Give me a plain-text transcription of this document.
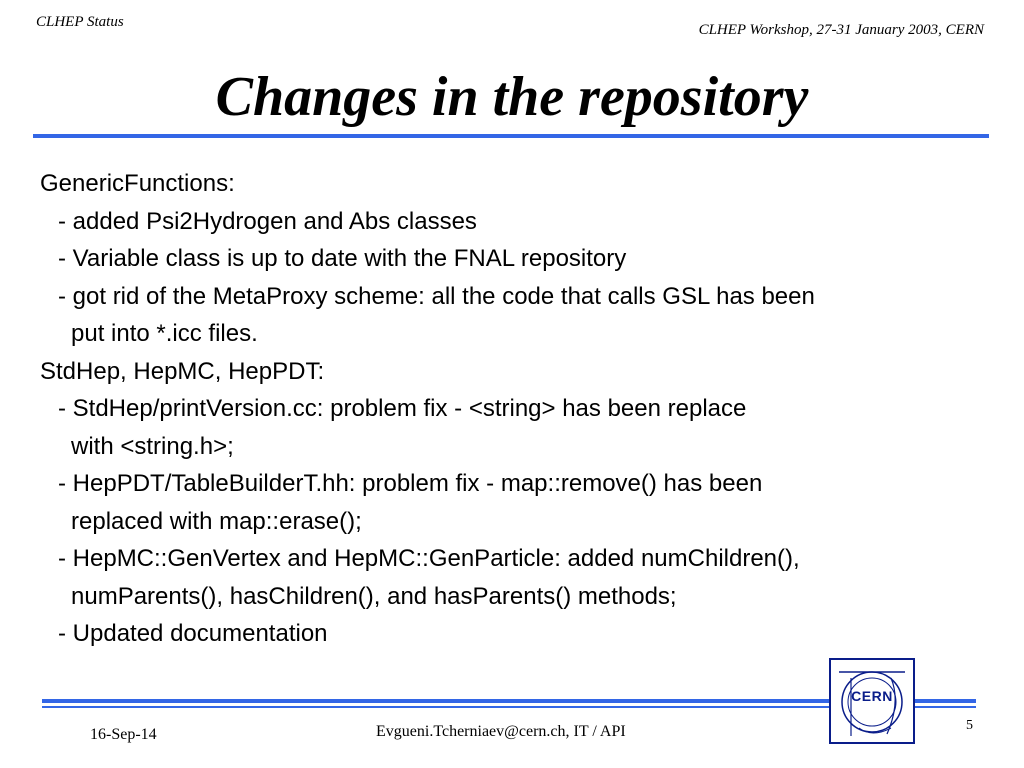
CLHEP Status	CLHEP Workshop, 27-31 January 2003, CERN
Changes in the repository
GenericFunctions:
- added Psi2Hydrogen and Abs classes
- Variable class is up to date with the FNAL repository
- got rid of the MetaProxy scheme: all the code that calls GSL has been
put into *.icc files.
StdHep, HepMC, HepPDT:
- StdHep/printVersion.cc: problem fix - <string> has been replace
with <string.h>;
- HepPDT/TableBuilderT.hh: problem fix - map::remove() has been
replaced with map::erase();
- HepMC::GenVertex and HepMC::GenParticle: added numChildren(),
numParents(), hasChildren(), and hasParents() methods;
- Updated documentation
16-Sep-14	Evgueni.Tcherniaev@cern.ch, IT / API	5
CERN
